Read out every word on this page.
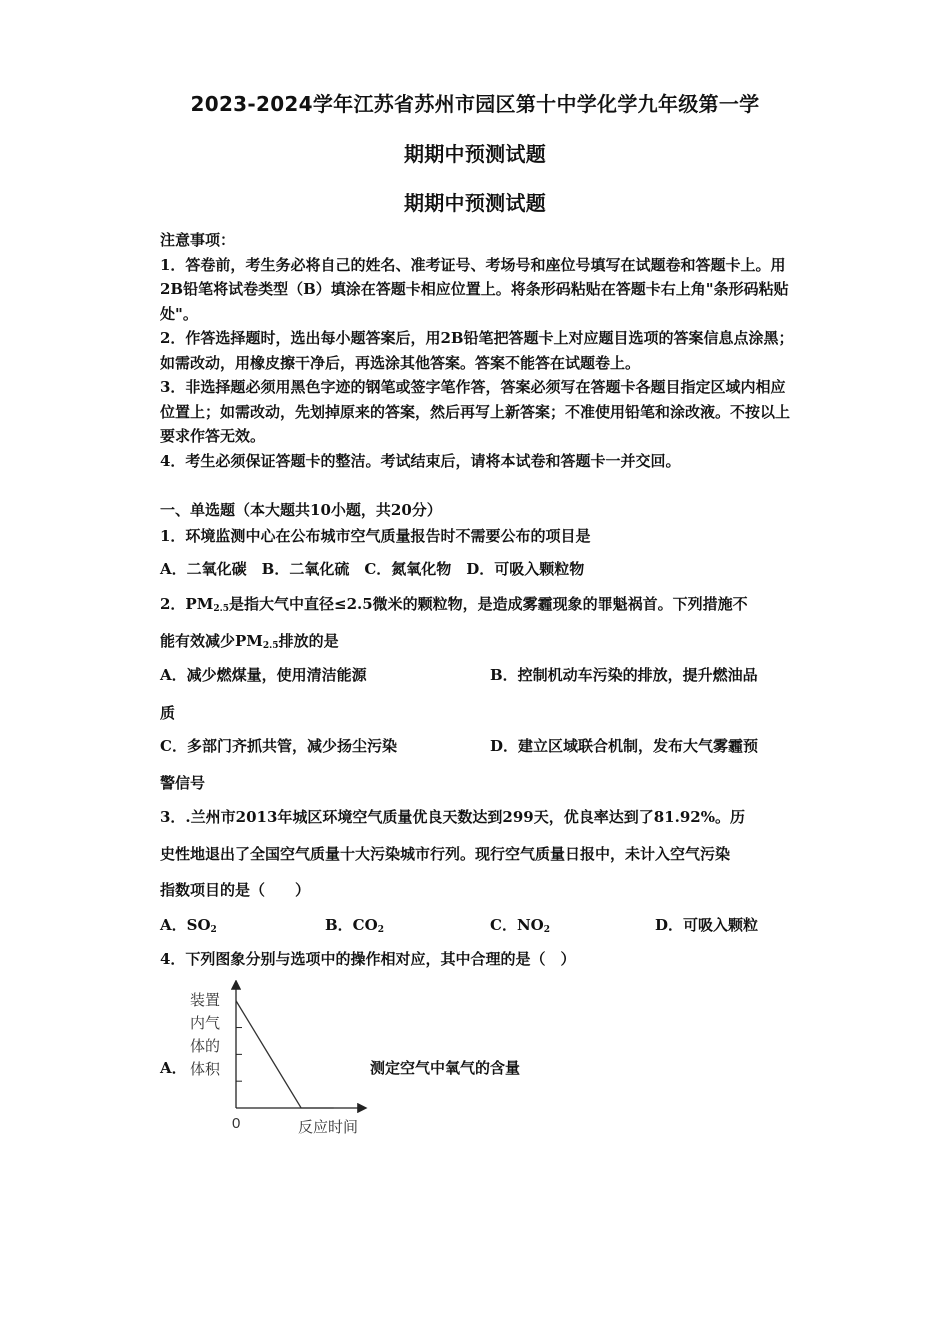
2023-2024学年江苏省苏州市园区第十中学化学九年级第一学
期期中预测试题
期期中预测试题

注意事项：

1．答卷前，考生务必将自己的姓名、准考证号、考场号和座位号填写在试题卷和答题卡上。用2B铅笔将试卷类型（B）填涂在答题卡相应位置上。将条形码粘贴在答题卡右上角"条形码粘贴处"。

2．作答选择题时，选出每小题答案后，用2B铅笔把答题卡上对应题目选项的答案信息点涂黑；如需改动，用橡皮擦干净后，再选涂其他答案。答案不能答在试题卷上。

3．非选择题必须用黑色字迹的钢笔或签字笔作答，答案必须写在答题卡各题目指定区域内相应位置上；如需改动，先划掉原来的答案，然后再写上新答案；不准使用铅笔和涂改液。不按以上要求作答无效。

4．考生必须保证答题卡的整洁。考试结束后，请将本试卷和答题卡一并交回。

一、单选题（本大题共10小题，共20分）
1．环境监测中心在公布城市空气质量报告时不需要公布的项目是
A．二氧化碳　B．二氧化硫　C．氮氧化物　D．可吸入颗粒物
2．$PM_{2.5}$是指大气中直径≤2.5微米的颗粒物，是造成雾霾现象的罪魁祸首。下列措施不
能有效减少$PM_{2.5}$排放的是
A．减少燃煤量，使用清洁能源	B．控制机动车污染的排放，提升燃油品
质
C．多部门齐抓共管，减少扬尘污染	D．建立区域联合机制，发布大气雾霾预
警信号
3．.兰州市2013年城区环境空气质量优良天数达到299天，优良率达到了81.92%。历
史性地退出了全国空气质量十大污染城市行列。现行空气质量日报中，未计入空气污染
指数项目的是（　　）
A．$SO_2$	B．$CO_2$	C．$NO_2$	D．可吸入颗粒
4．下列图象分别与选项中的操作相对应，其中合理的是（　）
A．	测定空气中氧气的含量
装置
内气
体的
体积
0	反应时间
